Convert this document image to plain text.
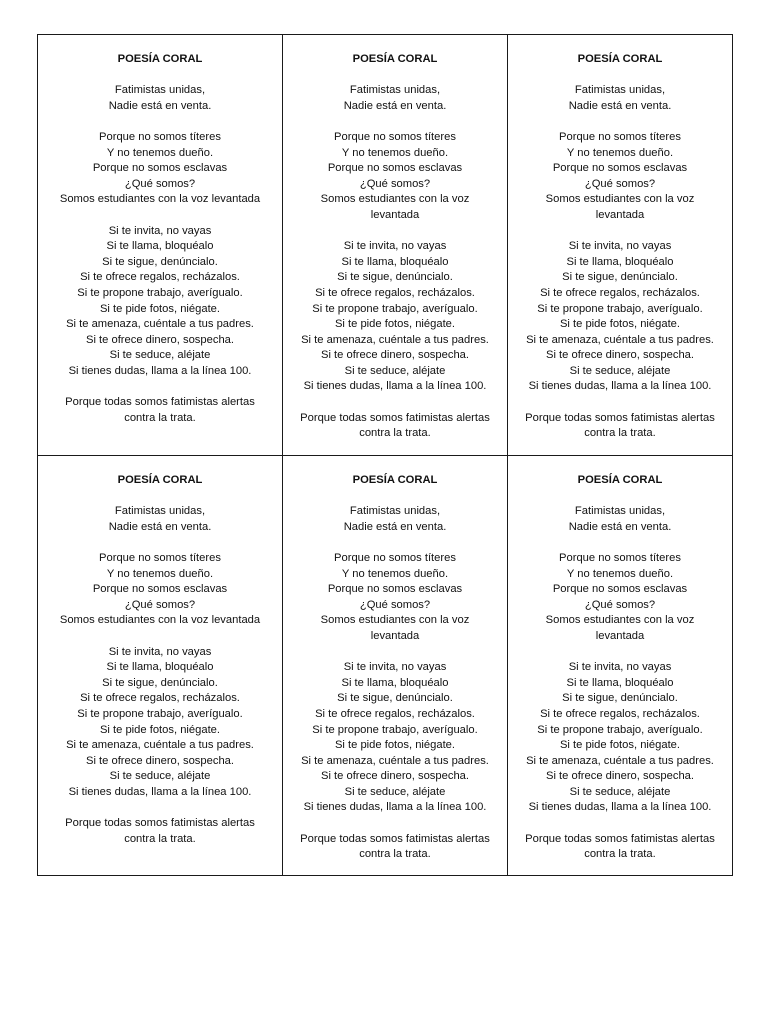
POESÍA CORAL
Fatimistas unidas,
Nadie está en venta.
Porque no somos títeres
Y no tenemos dueño.
Porque no somos esclavas
¿Qué somos?
Somos estudiantes con la voz levantada
Si te invita, no vayas
Si te llama, bloquéalo
Si te sigue, denúncialo.
Si te ofrece regalos, recházalos.
Si te propone trabajo, averígualo.
Si te pide fotos, niégate.
Si te amenaza, cuéntale a tus padres.
Si te ofrece dinero, sospecha.
Si te seduce, aléjate
Si tienes dudas, llama a la línea 100.
Porque todas somos fatimistas alertas
contra la trata.
POESÍA CORAL
Fatimistas unidas,
Nadie está en venta.
Porque no somos títeres
Y no tenemos dueño.
Porque no somos esclavas
¿Qué somos?
Somos estudiantes con la voz
levantada
Si te invita, no vayas
Si te llama, bloquéalo
Si te sigue, denúncialo.
Si te ofrece regalos, recházalos.
Si te propone trabajo, averígualo.
Si te pide fotos, niégate.
Si te amenaza, cuéntale a tus padres.
Si te ofrece dinero, sospecha.
Si te seduce, aléjate
Si tienes dudas, llama a la línea 100.
Porque todas somos fatimistas alertas
contra la trata.
POESÍA CORAL
Fatimistas unidas,
Nadie está en venta.
Porque no somos títeres
Y no tenemos dueño.
Porque no somos esclavas
¿Qué somos?
Somos estudiantes con la voz
levantada
Si te invita, no vayas
Si te llama, bloquéalo
Si te sigue, denúncialo.
Si te ofrece regalos, recházalos.
Si te propone trabajo, averígualo.
Si te pide fotos, niégate.
Si te amenaza, cuéntale a tus padres.
Si te ofrece dinero, sospecha.
Si te seduce, aléjate
Si tienes dudas, llama a la línea 100.
Porque todas somos fatimistas alertas
contra la trata.
POESÍA CORAL
Fatimistas unidas,
Nadie está en venta.
Porque no somos títeres
Y no tenemos dueño.
Porque no somos esclavas
¿Qué somos?
Somos estudiantes con la voz levantada
Si te invita, no vayas
Si te llama, bloquéalo
Si te sigue, denúncialo.
Si te ofrece regalos, recházalos.
Si te propone trabajo, averígualo.
Si te pide fotos, niégate.
Si te amenaza, cuéntale a tus padres.
Si te ofrece dinero, sospecha.
Si te seduce, aléjate
Si tienes dudas, llama a la línea 100.
Porque todas somos fatimistas alertas
contra la trata.
POESÍA CORAL
Fatimistas unidas,
Nadie está en venta.
Porque no somos títeres
Y no tenemos dueño.
Porque no somos esclavas
¿Qué somos?
Somos estudiantes con la voz
levantada
Si te invita, no vayas
Si te llama, bloquéalo
Si te sigue, denúncialo.
Si te ofrece regalos, recházalos.
Si te propone trabajo, averígualo.
Si te pide fotos, niégate.
Si te amenaza, cuéntale a tus padres.
Si te ofrece dinero, sospecha.
Si te seduce, aléjate
Si tienes dudas, llama a la línea 100.
Porque todas somos fatimistas alertas
contra la trata.
POESÍA CORAL
Fatimistas unidas,
Nadie está en venta.
Porque no somos títeres
Y no tenemos dueño.
Porque no somos esclavas
¿Qué somos?
Somos estudiantes con la voz
levantada
Si te invita, no vayas
Si te llama, bloquéalo
Si te sigue, denúncialo.
Si te ofrece regalos, recházalos.
Si te propone trabajo, averígualo.
Si te pide fotos, niégate.
Si te amenaza, cuéntale a tus padres.
Si te ofrece dinero, sospecha.
Si te seduce, aléjate
Si tienes dudas, llama a la línea 100.
Porque todas somos fatimistas alertas
contra la trata.
